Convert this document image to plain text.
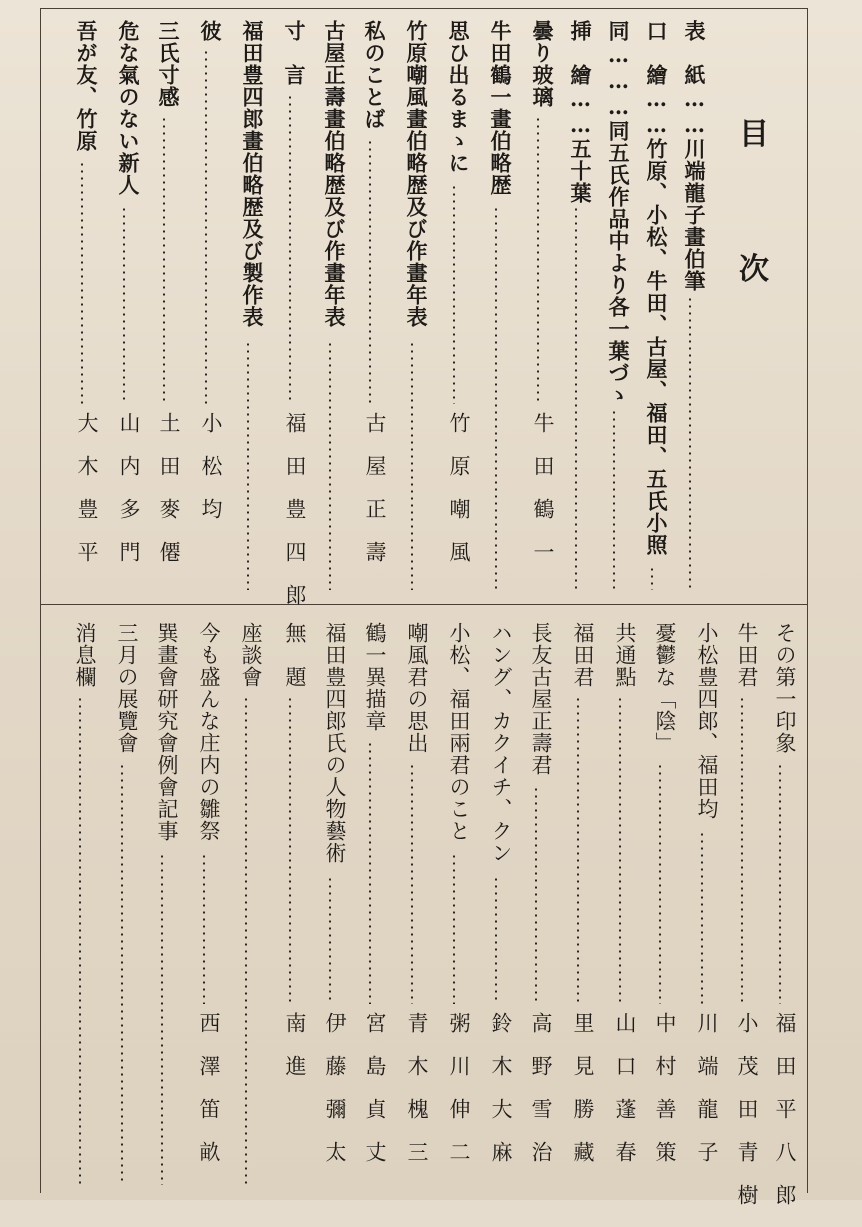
目
次
表　紙……川端龍子畫伯筆
口　繪……竹原、小松、牛田、古屋、福田、五氏小照
同………同五氏作品中より各一葉づゝ
挿　繪……五十葉
曇り玻璃
牛田鶴一
牛田鶴一畫伯略歴
思ひ出るまゝに
竹原嘲風
竹原嘲風畫伯略歴及び作畫年表
私のことば
古屋正壽
古屋正壽畫伯略歴及び作畫年表
寸　言
福田豊四郎
福田豊四郎畫伯略歴及び製作表
彼
小松均
三氏寸感
土田麥僊
危な氣のない新人
山内多門
吾が友、竹原
大木豊平
その第一印象
福田平八郎
牛田君
小茂田青樹
小松豊四郎、福田均
川端龍子
憂鬱な「陰」
中村善策
共通點
山口蓬春
福田君
里見勝藏
長友古屋正壽君
高野雪治
ハング、カクイチ、クン
鈴木大麻
小松、福田兩君のこと
粥川伸二
嘲風君の思出
青木槐三
鶴一異描章
宮島貞丈
福田豊四郎氏の人物藝術
伊藤彌太
無　題
南進
座談會
今も盛んな庄内の雛祭
西澤笛畝
巽畫會研究會例會記事
三月の展覽會
消息欄
